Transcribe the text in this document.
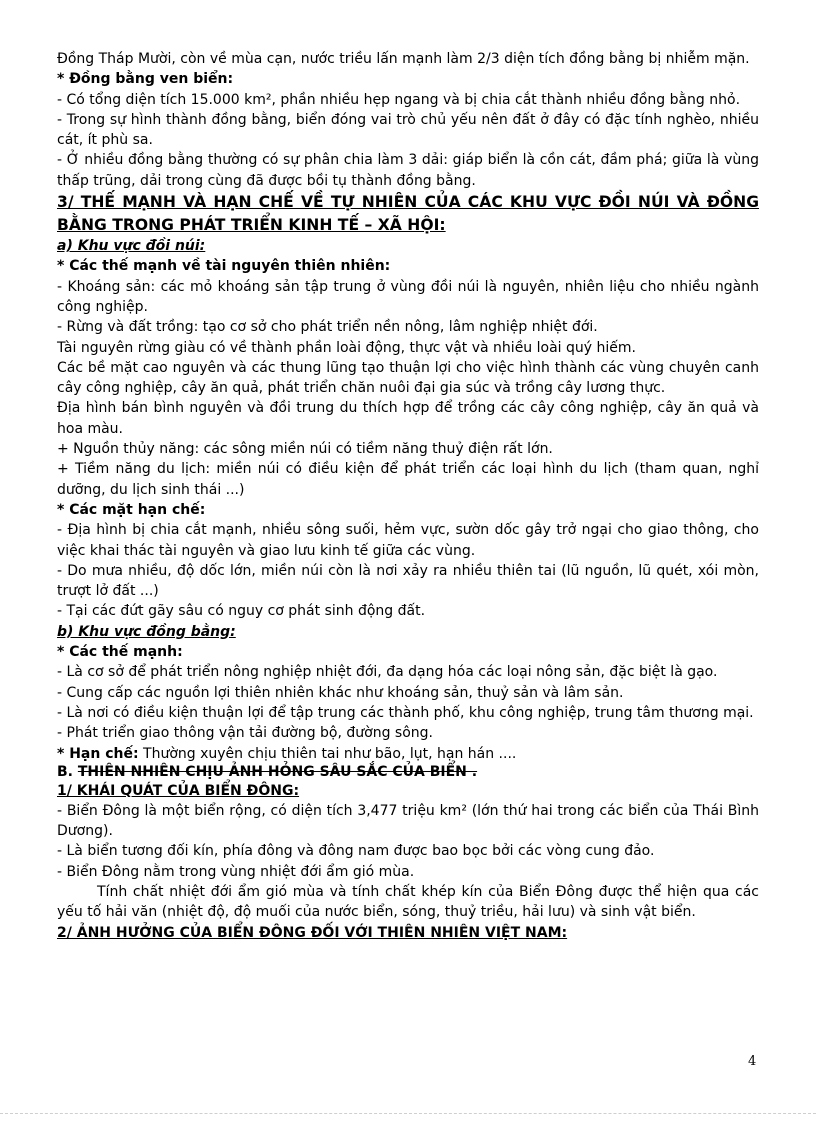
Đồng Tháp Mười, còn về mùa cạn, nước triều lấn mạnh làm 2/3 diện tích đồng bằng bị nhiễm mặn.

* Đồng bằng ven biển:

- Có tổng diện tích 15.000 km², phần nhiều hẹp ngang và bị chia cắt thành nhiều đồng bằng nhỏ.

- Trong sự hình thành đồng bằng, biển đóng vai trò chủ yếu nên đất ở đây có đặc tính nghèo, nhiều cát, ít phù sa.

- Ở nhiều đồng bằng thường có sự phân chia làm 3 dải: giáp biển là cồn cát, đầm phá; giữa là vùng thấp trũng, dải trong cùng đã được bồi tụ thành đồng bằng.

3/ THẾ MẠNH VÀ HẠN CHẾ VỀ TỰ NHIÊN CỦA CÁC KHU VỰC ĐỒI NÚI VÀ ĐỒNG BẰNG TRONG PHÁT TRIỂN KINH TẾ – XÃ HỘI:

a) Khu vực đồi núi:

* Các thế mạnh về tài nguyên thiên nhiên:

- Khoáng sản: các mỏ khoáng sản tập trung ở vùng đồi núi là nguyên, nhiên liệu cho nhiều ngành công nghiệp.

- Rừng và đất trồng: tạo cơ sở cho phát triển nền nông, lâm nghiệp nhiệt đới.

Tài nguyên rừng giàu có về thành phần loài động, thực vật và nhiều loài quý hiếm.

Các bề mặt cao nguyên và các thung lũng tạo thuận lợi cho việc hình thành các vùng chuyên canh cây công nghiệp, cây ăn quả, phát triển chăn nuôi đại gia súc và trồng cây lương thực.

Địa hình bán bình nguyên và đồi trung du thích hợp để trồng các cây công nghiệp, cây ăn quả và hoa màu.

+ Nguồn thủy năng: các sông miền núi có tiềm năng thuỷ điện rất lớn.

+ Tiềm năng du lịch: miền núi có điều kiện để phát triển các loại hình du lịch (tham quan, nghỉ dưỡng, du lịch sinh thái ...)

* Các mặt hạn chế:

- Địa hình bị chia cắt mạnh, nhiều sông suối, hẻm vực, sườn dốc gây trở ngại cho giao thông, cho việc khai thác tài nguyên và giao lưu kinh tế giữa các vùng.

- Do mưa nhiều, độ dốc lớn, miền núi còn là nơi xảy ra nhiều thiên tai (lũ nguồn, lũ quét, xói mòn, trượt lở đất ...)

- Tại các đứt gãy sâu có nguy cơ phát sinh động đất.

b) Khu vực đồng bằng:

* Các thế mạnh:

- Là cơ sở để phát triển nông nghiệp nhiệt đới, đa dạng hóa các loại nông sản, đặc biệt là gạo.

- Cung cấp các nguồn lợi thiên nhiên khác như khoáng sản, thuỷ sản và lâm sản.

- Là nơi có điều kiện thuận lợi để tập trung các thành phố, khu công nghiệp, trung tâm thương mại.

- Phát triển giao thông vận tải đường bộ, đường sông.

* Hạn chế: Thường xuyên chịu thiên tai như bão, lụt, hạn hán ....

B. THIÊN NHIÊN CHỊU ẢNH HỎNG SÂU SẮC CỦA BIỂN .

1/ KHÁI QUÁT CỦA BIỂN ĐÔNG:

- Biển Đông là một biển rộng, có diện tích 3,477 triệu km² (lớn thứ hai trong các biển của Thái Bình Dương).

- Là biển tương đối kín, phía đông và đông nam được bao bọc bởi các vòng cung đảo.

- Biển Đông nằm trong vùng nhiệt đới ẩm gió mùa.

Tính chất nhiệt đới ẩm gió mùa và tính chất khép kín của Biển Đông được thể hiện qua các yếu tố hải văn (nhiệt độ, độ muối của nước biển, sóng, thuỷ triều, hải lưu) và sinh vật biển.

2/ ẢNH HƯỞNG CỦA BIỂN ĐÔNG ĐỐI VỚI THIÊN NHIÊN VIỆT NAM:

4
